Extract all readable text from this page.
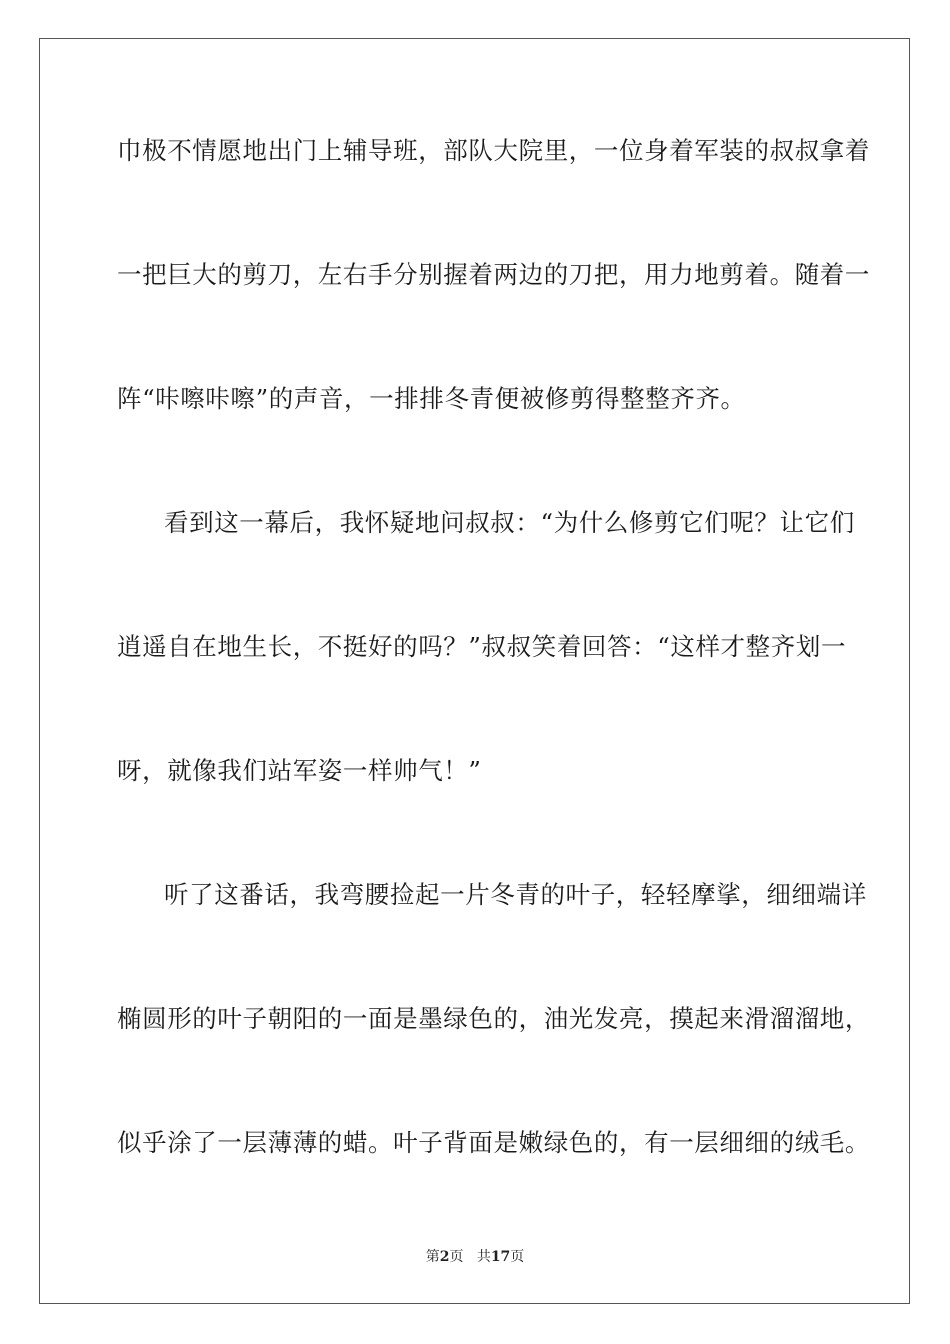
巾极不情愿地出门上辅导班，部队大院里，一位身着军装的叔叔拿着
一把巨大的剪刀，左右手分别握着两边的刀把，用力地剪着。随着一
阵“咔嚓咔嚓”的声音，一排排冬青便被修剪得整整齐齐。
看到这一幕后，我怀疑地问叔叔：“为什么修剪它们呢？让它们
逍遥自在地生长，不挺好的吗？”叔叔笑着回答：“这样才整齐划一
呀，就像我们站军姿一样帅气！”
听了这番话，我弯腰捡起一片冬青的叶子，轻轻摩挲，细细端详
椭圆形的叶子朝阳的一面是墨绿色的，油光发亮，摸起来滑溜溜地，
似乎涂了一层薄薄的蜡。叶子背面是嫩绿色的，有一层细细的绒毛。
第2页 共17页
